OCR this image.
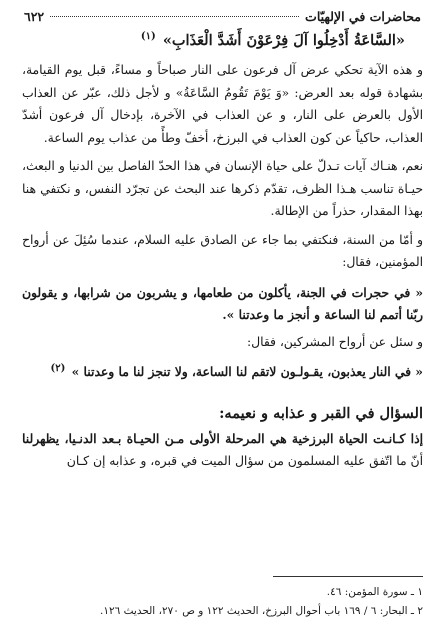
محاضرات في الإلهيّات
٦٢٢
«السَّاعَةُ أَدْخِلُوا آلَ فِرْعَوْنَ أَشَدَّ الْعَذَابِ» $^{(١)}$

و هذه الآية تحكي عرض آل فرعون على النار صباحاً و مساءً، قبل يوم القيامة، بشهادة قوله بعد العرض: «وَ يَوْمَ تَقُومُ السَّاعَةُ» و لأجل ذلك، عبّر عن العذاب الأول بالعرض على النار، و عن العذاب في الآخرة، بإدخال آل فرعون أشدّ العذاب، حاكياً عن كون العذاب في البرزخ، أخفّ وطأً من عذاب يوم الساعة.

نعم، هنـاك آيات تـدلّ على حياة الإنسان في هذا الحدّ الفاصل بين الدنيا و البعث، حيـاة تناسب هـذا الظرف، تقدّم ذكرها عند البحث عن تجرّد النفس، و نكتفي هنا بهذا المقدار، حذراً من الإطالة.

و أمّا من السنة، فنكتفي بما جاء عن الصادق عليه السلام، عندما سُئِلَ عن أرواح المؤمنين، فقال:

« في حجرات في الجنة، يأكلون من طعامها، و يشربون من شرابها، و يقولون ربّنا أتمم لنا الساعة و أنجز ما وعدتنا ».

و سئل عن أرواح المشركين، فقال:

« في النار يعذبون، يقـولـون لاتقم لنا الساعة، ولا تنجز لنا ما وعدتنا » $^{(٢)}$
السؤال في القبر و عذابه و نعيمه:

إذا كـانـت الحياة البرزخية هي المرحلة الأولى مـن الحيـاة بـعد الدنـيا، يظهرلنا أنّ ما اتّفق عليه المسلمون من سؤال الميت في قبره، و عذابه إن كـان

١ ـ سورة المؤمن: ٤٦.
٢ ـ البحار: ٦ / ١٦٩ باب أحوال البرزخ، الحديث ١٢٢ و ص ٢٧٠، الحديث ١٢٦.
